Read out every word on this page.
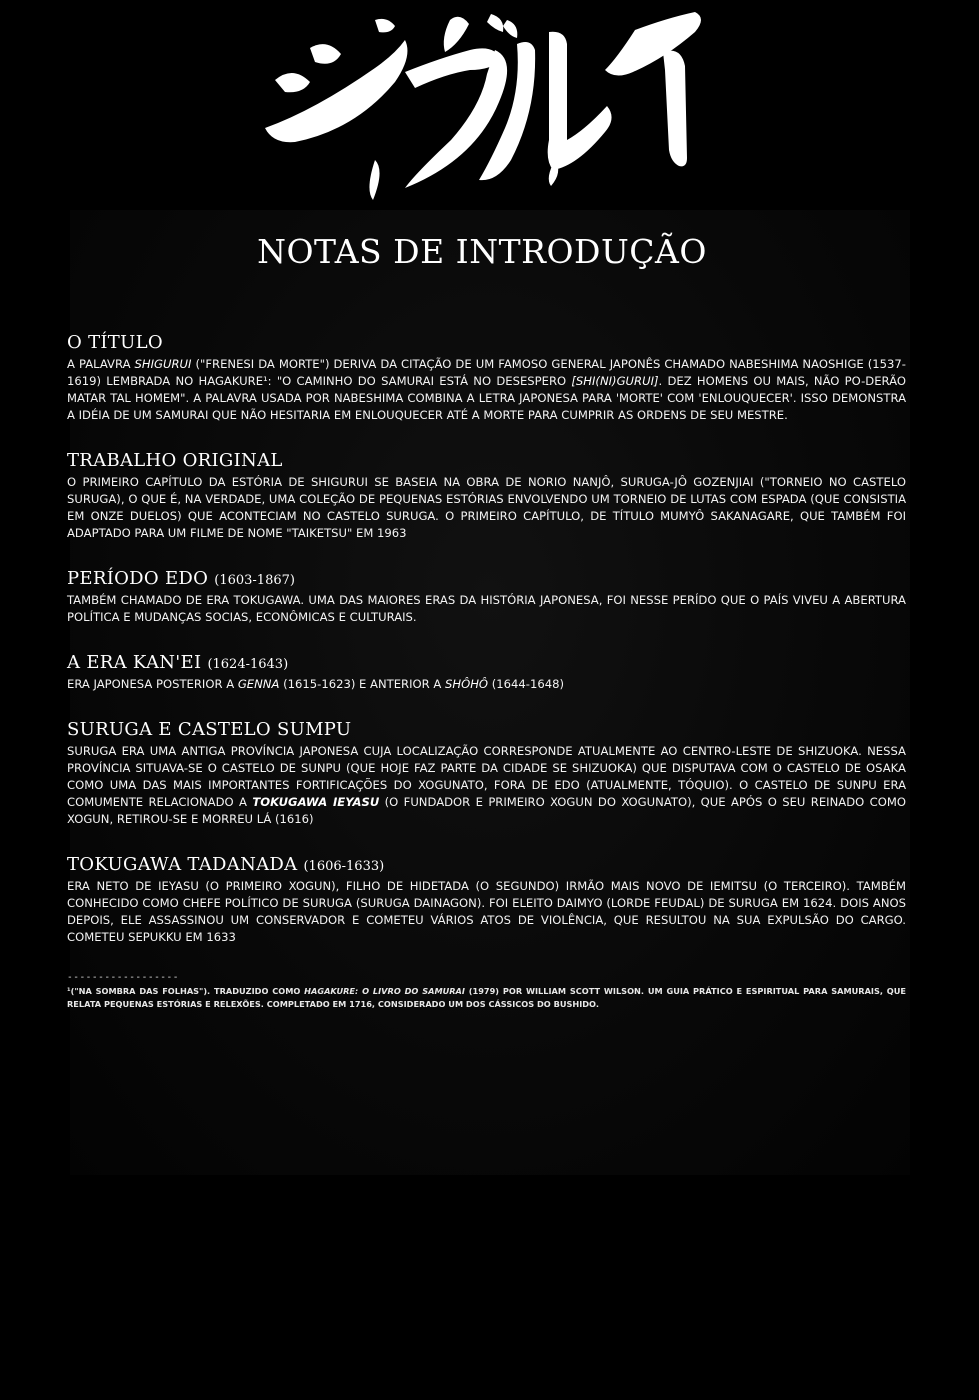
NOTAS DE INTRODUÇÃO
O TÍTULO

A PALAVRA SHIGURUI ("FRENESI DA MORTE") DERIVA DA CITAÇÃO DE UM FAMOSO GENERAL JAPONÊS CHAMADO NABESHIMA NAOSHIGE (1537-1619) LEMBRADA NO HAGAKURE¹: "O CAMINHO DO SAMURAI ESTÁ NO DESESPERO [SHI(NI)GURUI]. DEZ HOMENS OU MAIS, NÃO PO-DERÃO MATAR TAL HOMEM". A PALAVRA USADA POR NABESHIMA COMBINA A LETRA JAPONESA PARA 'MORTE' COM 'ENLOUQUECER'. ISSO DEMONSTRA A IDÉIA DE UM SAMURAI QUE NÃO HESITARIA EM ENLOUQUECER ATÉ A MORTE PARA CUMPRIR AS ORDENS DE SEU MESTRE.

TRABALHO ORIGINAL

O PRIMEIRO CAPÍTULO DA ESTÓRIA DE SHIGURUI SE BASEIA NA OBRA DE NORIO NANJÔ, SURUGA-JÔ GOZENJIAI ("TORNEIO NO CASTELO SURUGA), O QUE É, NA VERDADE, UMA COLEÇÃO DE PEQUENAS ESTÓRIAS ENVOLVENDO UM TORNEIO DE LUTAS COM ESPADA (QUE CONSISTIA EM ONZE DUELOS) QUE ACONTECIAM NO CASTELO SURUGA. O PRIMEIRO CAPÍTULO, DE TÍTULO MUMYÔ SAKANAGARE, QUE TAMBÉM FOI ADAPTADO PARA UM FILME DE NOME "TAIKETSU" EM 1963

PERÍODO EDO (1603-1867)

TAMBÉM CHAMADO DE ERA TOKUGAWA. UMA DAS MAIORES ERAS DA HISTÓRIA JAPONESA, FOI NESSE PERÍDO QUE O PAÍS VIVEU A ABERTURA POLÍTICA E MUDANÇAS SOCIAS, ECONÔMICAS E CULTURAIS.

A ERA KAN'EI (1624-1643)

ERA JAPONESA POSTERIOR A GENNA (1615-1623) E ANTERIOR A SHÔHÔ (1644-1648)

SURUGA E CASTELO SUMPU

SURUGA ERA UMA ANTIGA PROVÍNCIA JAPONESA CUJA LOCALIZAÇÃO CORRESPONDE ATUALMENTE AO CENTRO-LESTE DE SHIZUOKA. NESSA PROVÍNCIA SITUAVA-SE O CASTELO DE SUNPU (QUE HOJE FAZ PARTE DA CIDADE SE SHIZUOKA) QUE DISPUTAVA COM O CASTELO DE OSAKA COMO UMA DAS MAIS IMPORTANTES FORTIFICAÇÕES DO XOGUNATO, FORA DE EDO (ATUALMENTE, TÓQUIO). O CASTELO DE SUNPU ERA COMUMENTE RELACIONADO A TOKUGAWA IEYASU (O FUNDADOR E PRIMEIRO XOGUN DO XOGUNATO), QUE APÓS O SEU REINADO COMO XOGUN, RETIROU-SE E MORREU LÁ (1616)

TOKUGAWA TADANADA (1606-1633)

ERA NETO DE IEYASU (O PRIMEIRO XOGUN), FILHO DE HIDETADA (O SEGUNDO) IRMÃO MAIS NOVO DE IEMITSU (O TERCEIRO). TAMBÉM CONHECIDO COMO CHEFE POLÍTICO DE SURUGA (SURUGA DAINAGON). FOI ELEITO DAIMYO (LORDE FEUDAL) DE SURUGA EM 1624. DOIS ANOS DEPOIS, ELE ASSASSINOU UM CONSERVADOR E COMETEU VÁRIOS ATOS DE VIOLÊNCIA, QUE RESULTOU NA SUA EXPULSÃO DO CARGO. COMETEU SEPUKKU EM 1633

------------------
¹("NA SOMBRA DAS FOLHAS"). TRADUZIDO COMO HAGAKURE: O LIVRO DO SAMURAI (1979) POR WILLIAM SCOTT WILSON. UM GUIA PRÁTICO E ESPIRITUAL PARA SAMURAIS, QUE RELATA PEQUENAS ESTÓRIAS E RELEXÕES. COMPLETADO EM 1716, CONSIDERADO UM DOS CÁSSICOS DO BUSHIDO.
